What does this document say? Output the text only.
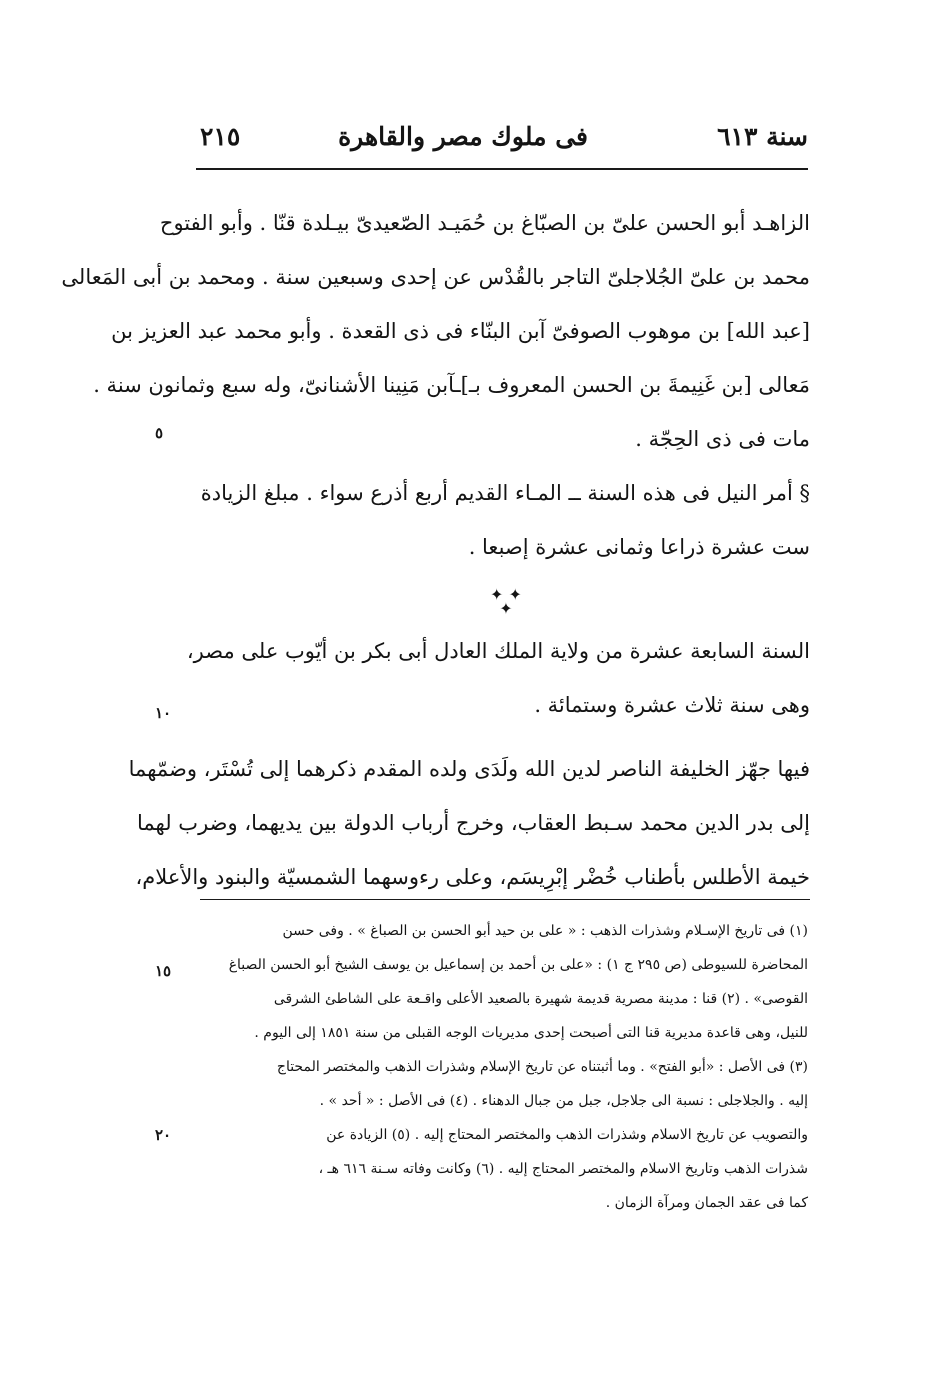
سنة ٦١٣
فى ملوك مصر والقاهرة
٢١٥
الزاهـد أبو الحسن علىّ بن الصبّاغ بن حُمَيـد الصّعيدىّ بيـلدة قنّا . وأبو الفتوح
محمد بن علىّ الجُلاجلىّ التاجر بالقُدْس عن إحدى وسبعين سنة . ومحمد بن أبى المَعالى
[عبد الله] بن موهوب الصوفىّ آبن البنّاء فى ذى القعدة . وأبو محمد عبد العزيز بن
مَعالى [بن غَنِيمةَ بن الحسن المعروف بـ]ـآبن مَنِينا الأشنانىّ، وله سبع وثمانون سنة .
مات فى ذى الحِجّة .
٥
§ أمر النيل فى هذه السنة ــ المـاء القديم أربع أذرع سواء . مبلغ الزيادة
ست عشرة ذراعا وثمانى عشرة إصبعا .
✦ ✦ ✦
السنة السابعة عشرة من ولاية الملك العادل أبى بكر بن أيّوب على مصر،
وهى سنة ثلاث عشرة وستمائة .
١٠
فيها جهّز الخليفة الناصر لدين الله ولَدَى ولده المقدم ذكرهما إلى تُسْتَر، وضمّهما
إلى بدر الدين محمد سـبط العقاب، وخرج أرباب الدولة بين يديهما، وضرب لهما
خيمة الأطلس بأطناب خُضْر إبْرِيسَم، وعلى رءوسهما الشمسيّة والبنود والأعلام،
(١) فى تاريخ الإسـلام وشذرات الذهب : « على بن حيد أبو الحسن بن الصباغ » . وفى حسن
المحاضرة للسيوطى (ص ٢٩٥ ج ١) : «على بن أحمد بن إسماعيل بن يوسف الشيخ أبو الحسن الصباغ
القوصى» . (٢) قنا : مدينة مصرية قديمة شهيرة بالصعيد الأعلى واقـعة على الشاطئ الشرقى
للنيل، وهى قاعدة مديرية قنا التى أصبحت إحدى مديريات الوجه القبلى من سنة ١٨٥١ إلى اليوم .
(٣) فى الأصل : «أبو الفتح» . وما أثبتناه عن تاريخ الإسلام وشذرات الذهب والمختصر المحتاج
إليه . والجلاجلى : نسبة الى جلاجل، جبل من جبال الدهناء . (٤) فى الأصل : « أحد » .
والتصويب عن تاريخ الاسلام وشذرات الذهب والمختصر المحتاج إليه . (٥) الزيادة عن
شذرات الذهب وتاريخ الاسلام والمختصر المحتاج إليه . (٦) وكانت وفاته سـنة ٦١٦ هـ ،
كما فى عقد الجمان ومرآة الزمان .
١٥
٢٠
